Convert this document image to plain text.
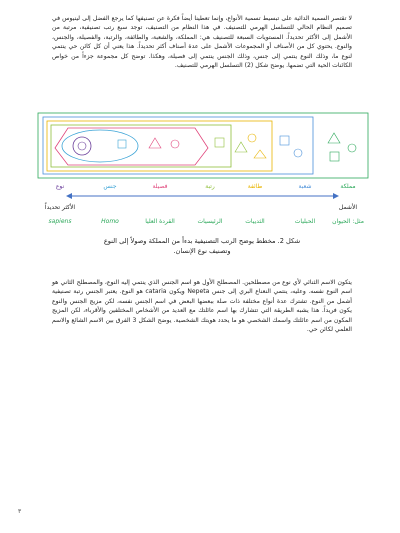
لا تقتصر السمية الدائية على تبسيط تسمية الأنواع، وإنما تعطينا أيضاً فكرة عن تصنيفها كما يرجع الفضل إلى لينيوس في تصميم النظام الحالي للتسلسل الهرمي للتصنيف. في هذا النظام من التصنيف، توجد سبع رتب تصنيفية، مرتبة من الأشمل إلى الأكثر تحديداً. المستويات السبعة للتصنيف هي: المملكة، والشعبة، والطائفة، والرتبة، والفصيلة، والجنس، والنوع. يحتوي كل من الأصناف أو المجموعات الأشمل على عدة أصناف أكثر تحديداً. هذا يعني أن كل كائن حي ينتمي لنوع ما، وذلك النوع ينتمي إلى جنس، وذلك الجنس ينتمي إلى فصيلة، وهكذا. توضح كل مجموعة جزءاً من خواص الكائنات الحية التي تضمها. يوضح شكل (2) التسلسل الهرمي للتصنيف.
نوع	جنس	فصيلة	رتبة	طائفة	شعبة	مملكة
الأكثر تحديداً	الأشمل
sapiens	Homo	القردة العليا	الرئيسيات	الثدييات	الحبليات	مثل: الحيوان
شكل 2. مخطط يوضح الرتب التصنيفية بدءاً من المملكة وصولاً إلى النوع
وتصنيف نوع الإنسان.
يتكون الاسم الثنائي لأي نوع من مصطلحين. المصطلح الأول هو اسم الجنس الذي ينتمي إليه النوع، والمصطلح الثاني هو اسم النوع نفسه. وعليه، ينتمي النعناع البري إلى جنس Nepeta ويكون cataria هو النوع. يعتبر الجنس رتبة تصنيفية أشمل من النوع. تشترك عدة أنواع مختلفة ذات صلة ببعضها البعض في اسم الجنس نفسه، لكن مزيج الجنس والنوع يكون فريداً. هذا يشبه الطريقة التي تتشارك بها اسم عائلتك مع العديد من الأشخاص المختلفين والأقرباء، لكن المزيج المكون من اسم عائلتك واسمك الشخصي هو ما يحدد هويتك الشخصية. يوضح الشكل 3 الفرق بين الاسم الشائع والاسم العلمي لكائن حي.
٣
